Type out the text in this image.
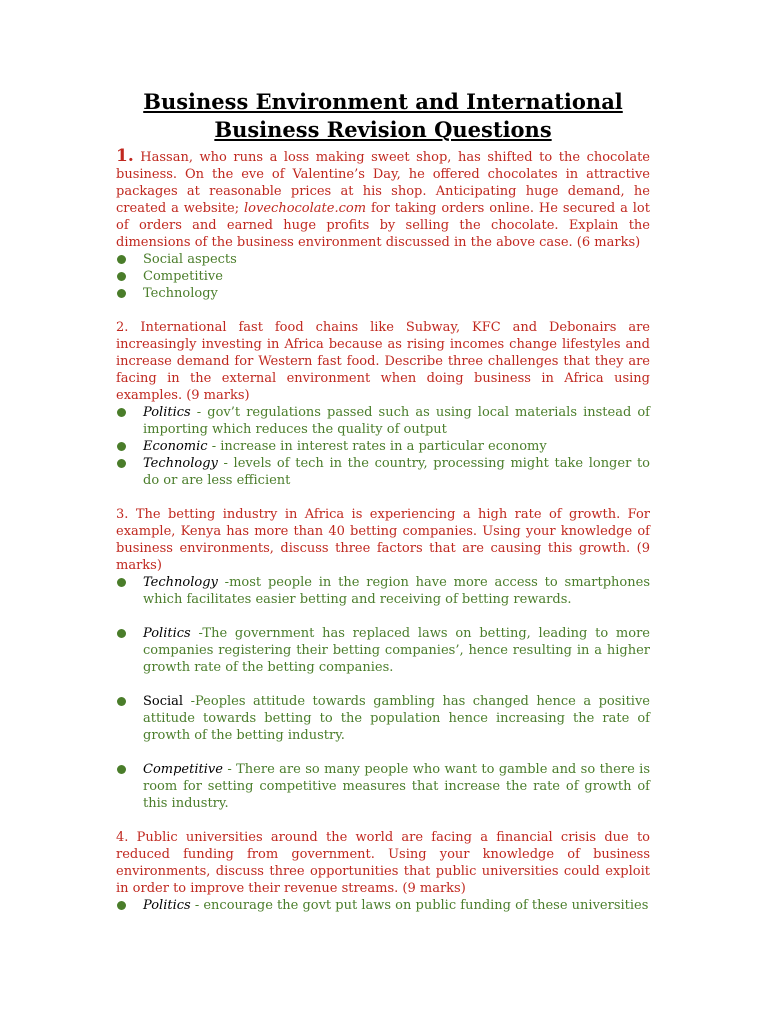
Business Environment and International
Business Revision Questions

1. Hassan, who runs a loss making sweet shop, has shifted to the chocolate business. On the eve of Valentine’s Day, he offered chocolates in attractive packages at reasonable prices at his shop. Anticipating huge demand, he created a website; lovechocolate.com for taking orders online. He secured a lot of orders and earned huge profits by selling the chocolate. Explain the dimensions of the business environment discussed in the above case. (6 marks)

Social aspects
Competitive
Technology

2. International fast food chains like Subway, KFC and Debonairs are increasingly investing in Africa because as rising incomes change lifestyles and increase demand for Western fast food. Describe three challenges that they are facing in the external environment when doing business in Africa using examples. (9 marks)

Politics - gov’t regulations passed such as using local materials instead of importing which reduces the quality of output
Economic - increase in interest rates in a particular economy
Technology - levels of tech in the country, processing might take longer to do or are less efficient

3. The betting industry in Africa is experiencing a high rate of growth. For example, Kenya has more than 40 betting companies. Using your knowledge of business environments, discuss three factors that are causing this growth. (9 marks)

Technology -most people in the region have more access to smartphones which facilitates easier betting and receiving of betting rewards.
Politics -The government has replaced laws on betting, leading to more companies registering their betting companies’, hence resulting in a higher growth rate of the betting companies.
Social -Peoples attitude towards gambling has changed hence a positive attitude towards betting to the population hence increasing the rate of growth of the betting industry.
Competitive - There are so many people who want to gamble and so there is room for setting competitive measures that increase the rate of growth of this industry.

4. Public universities around the world are facing a financial crisis due to reduced funding from government. Using your knowledge of business environments, discuss three opportunities that public universities could exploit in order to improve their revenue streams. (9 marks)

Politics - encourage the govt put laws on public funding of these universities
